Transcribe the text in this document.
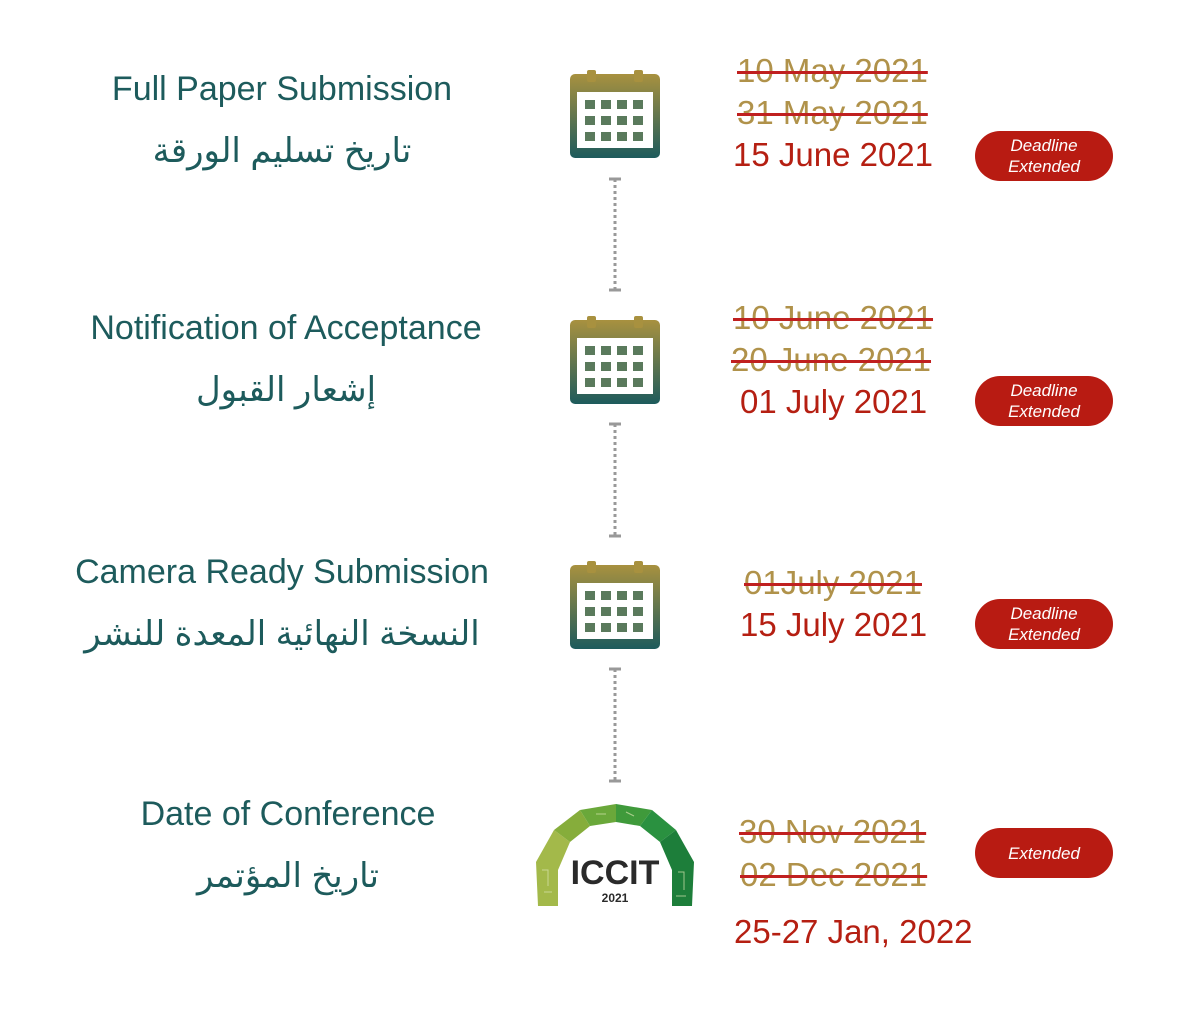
Full Paper Submission
تاريخ تسليم الورقة
10 May 2021
31 May 2021
15 June 2021	Deadline
Extended
Notification of Acceptance
إشعار القبول
10 June 2021
20 June 2021
01 July 2021	Deadline
Extended
Camera Ready Submission
النسخة النهائية المعدة للنشر
01July 2021
15 July 2021	Deadline
Extended
Date of Conference
تاريخ المؤتمر	ICCIT
2021
30 Nov 2021
02 Dec 2021
Extended
25-27 Jan, 2022
